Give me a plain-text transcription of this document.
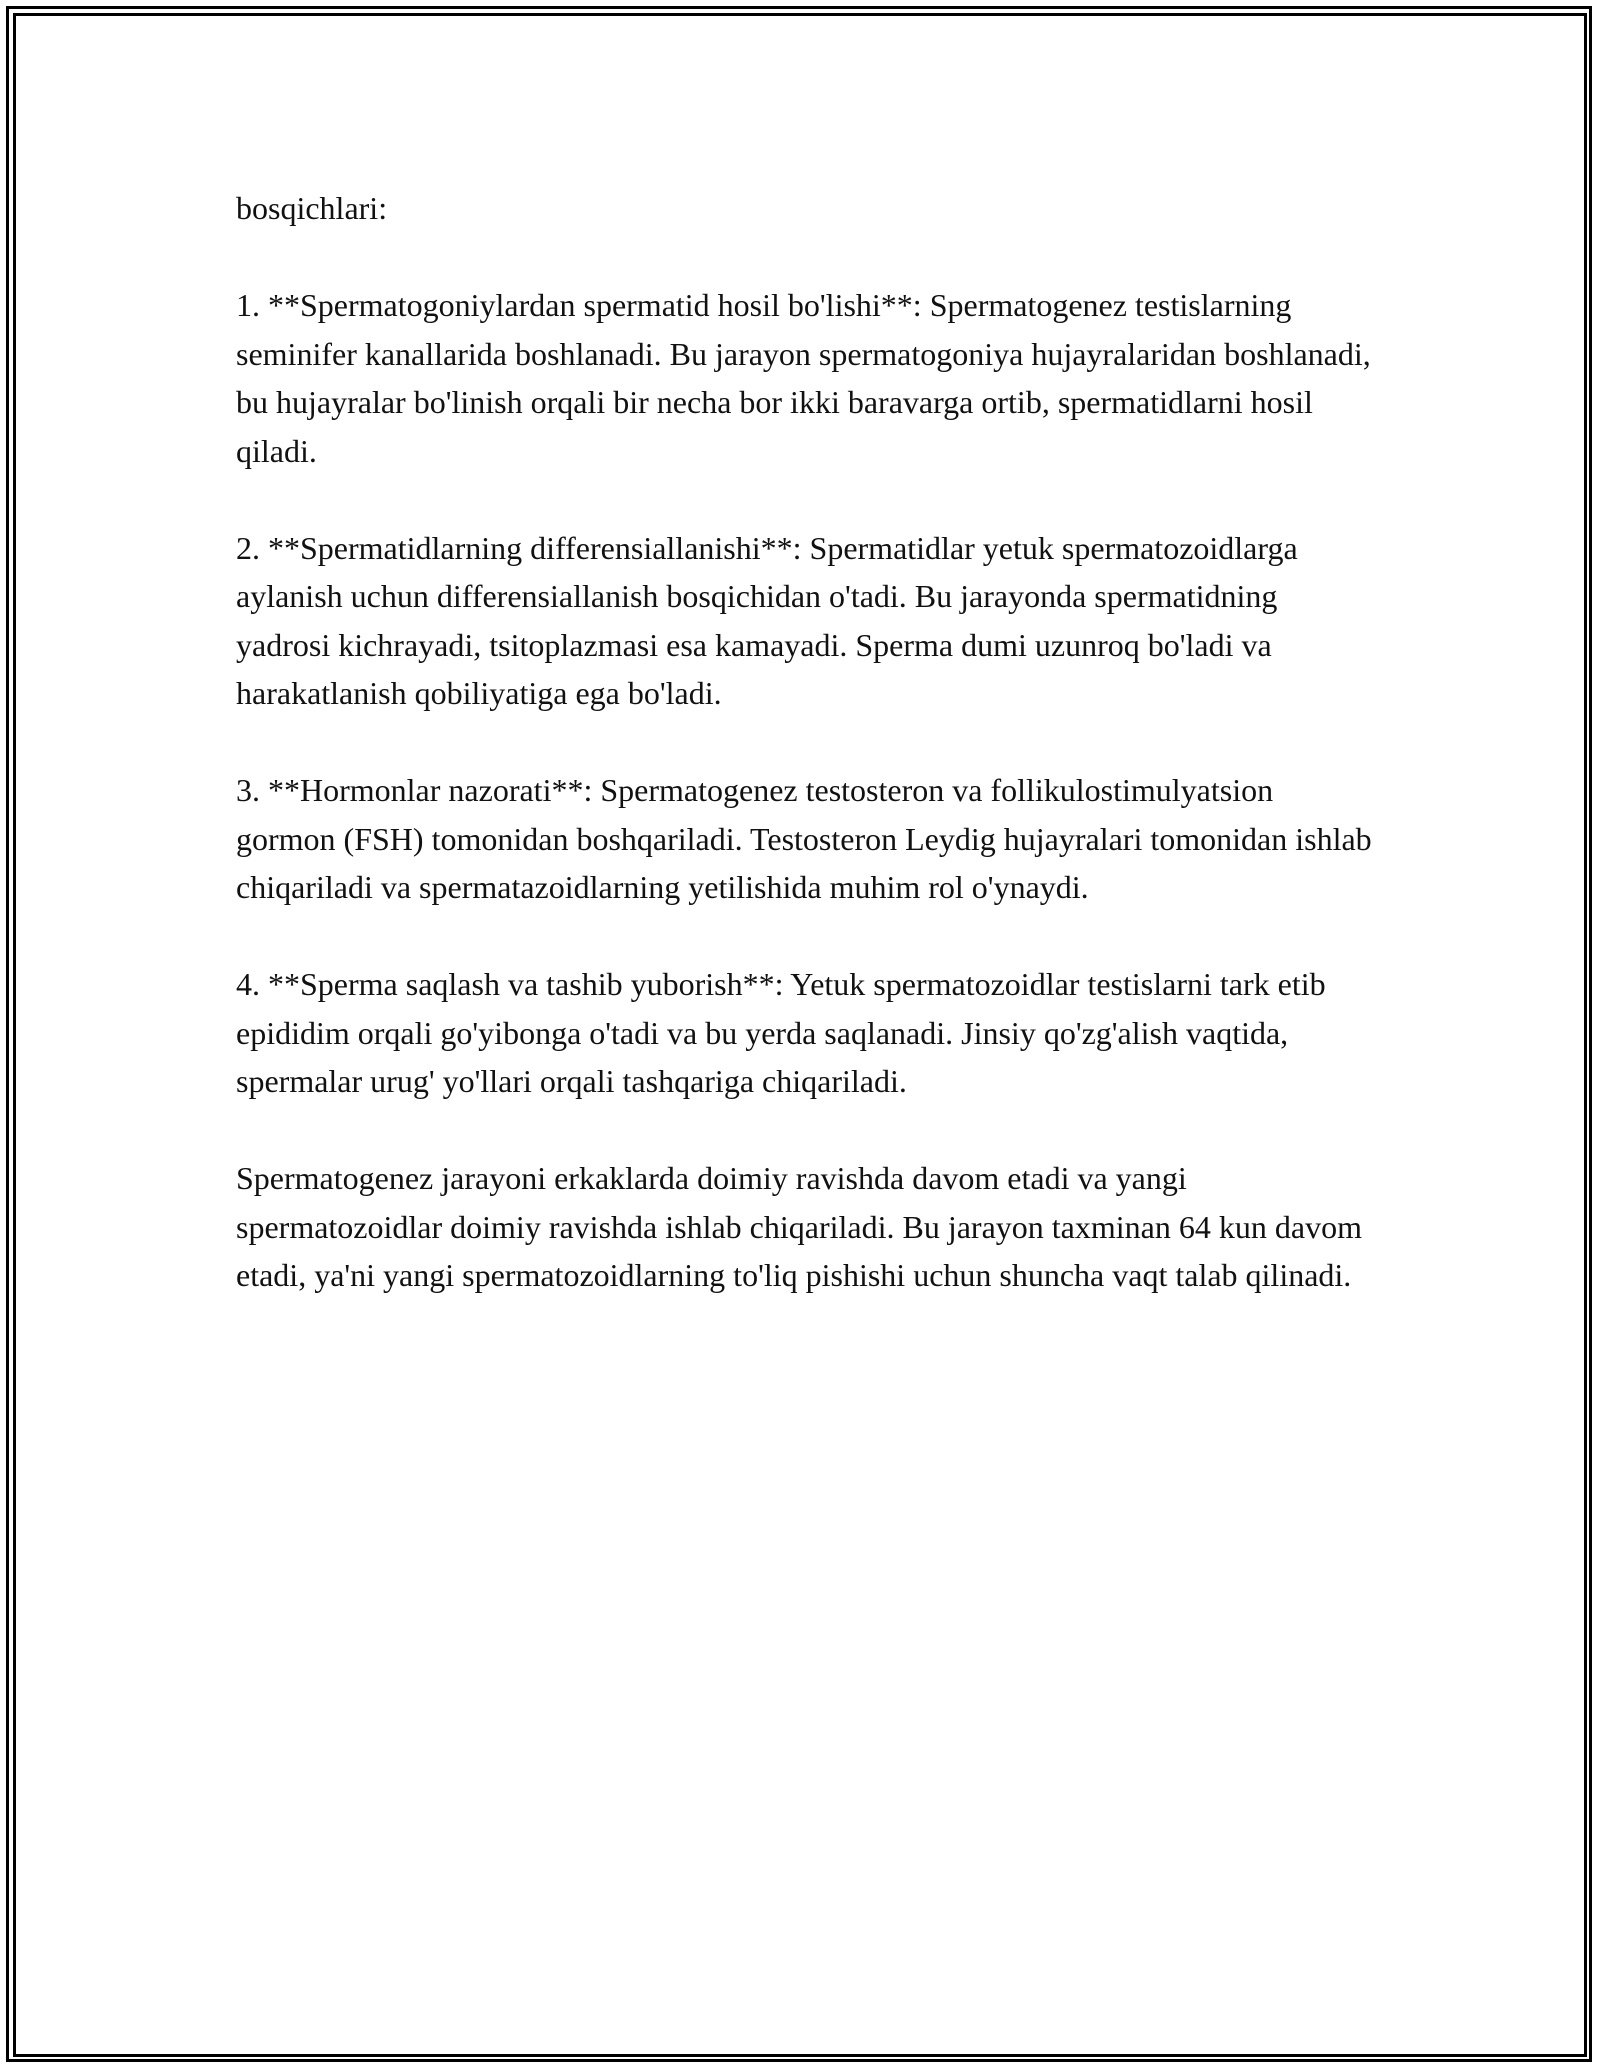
bosqichlari:

1. **Spermatogoniylardan spermatid hosil bo'lishi**: Spermatogenez testislarning seminifer kanallarida boshlanadi. Bu jarayon spermatogoniya hujayralaridan boshlanadi, bu hujayralar bo'linish orqali bir necha bor ikki baravarga ortib, spermatidlarni hosil qiladi.

2. **Spermatidlarning differensiallanishi**: Spermatidlar yetuk spermatozoidlarga aylanish uchun differensiallanish bosqichidan o'tadi. Bu jarayonda spermatidning yadrosi kichrayadi, tsitoplazmasi esa kamayadi. Sperma dumi uzunroq bo'ladi va harakatlanish qobiliyatiga ega bo'ladi.

3. **Hormonlar nazorati**: Spermatogenez testosteron va follikulostimulyatsion gormon (FSH) tomonidan boshqariladi. Testosteron Leydig hujayralari tomonidan ishlab chiqariladi va spermatazoidlarning yetilishida muhim rol o'ynaydi.

4. **Sperma saqlash va tashib yuborish**: Yetuk spermatozoidlar testislarni tark etib epididim orqali go'yibonga o'tadi va bu yerda saqlanadi. Jinsiy qo'zg'alish vaqtida, spermalar urug' yo'llari orqali tashqariga chiqariladi.

Spermatogenez jarayoni erkaklarda doimiy ravishda davom etadi va yangi spermatozoidlar doimiy ravishda ishlab chiqariladi. Bu jarayon taxminan 64 kun davom etadi, ya'ni yangi spermatozoidlarning to'liq pishishi uchun shuncha vaqt talab qilinadi.
